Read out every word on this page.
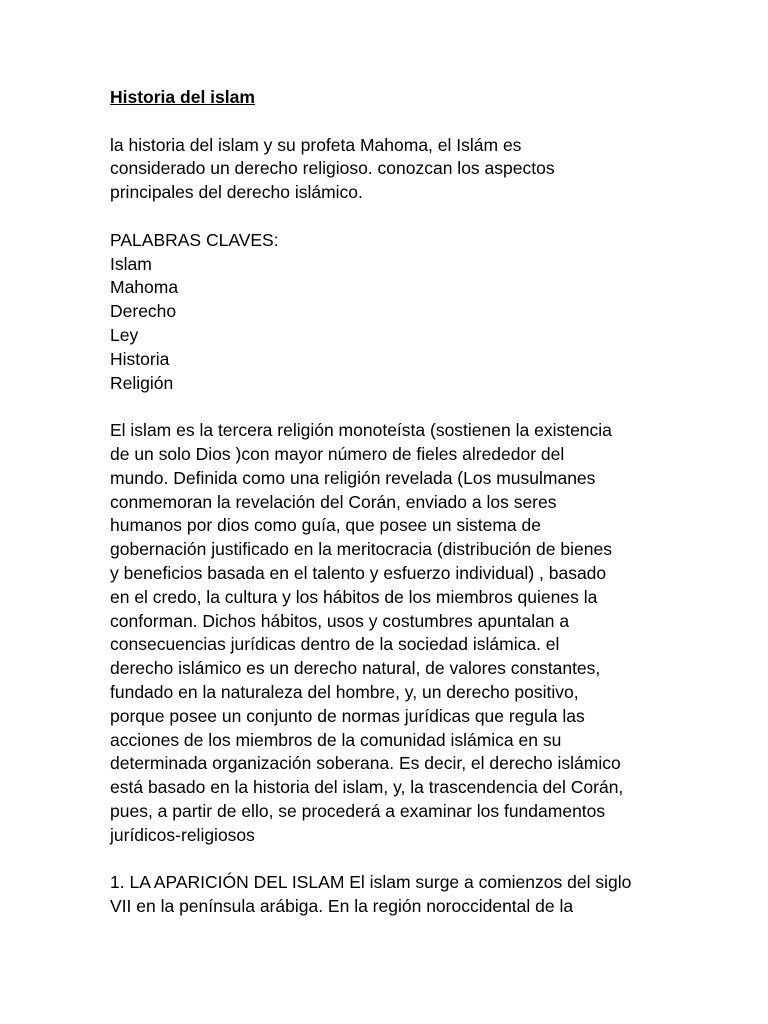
Historia del islam

la historia del islam y su profeta Mahoma, el Islám es
considerado un derecho religioso. conozcan los aspectos
principales del derecho islámico.

PALABRAS CLAVES:

Islam
Mahoma
Derecho
Ley
Historia
Religión

El islam es la tercera religión monoteísta (sostienen la existencia
de un solo Dios )con mayor número de fieles alrededor del
mundo. Definida como una religión revelada (Los musulmanes
conmemoran la revelación del Corán, enviado a los seres
humanos por dios como guía, que posee un sistema de
gobernación justificado en la meritocracia (distribución de bienes
y beneficios basada en el talento y esfuerzo individual) , basado
en el credo, la cultura y los hábitos de los miembros quienes la
conforman. Dichos hábitos, usos y costumbres apuntalan a
consecuencias jurídicas dentro de la sociedad islámica. el
derecho islámico es un derecho natural, de valores constantes,
fundado en la naturaleza del hombre, y, un derecho positivo,
porque posee un conjunto de normas jurídicas que regula las
acciones de los miembros de la comunidad islámica en su
determinada organización soberana. Es decir, el derecho islámico
está basado en la historia del islam, y, la trascendencia del Corán,
pues, a partir de ello, se procederá a examinar los fundamentos
jurídicos-religiosos

1. LA APARICIÓN DEL ISLAM El islam surge a comienzos del siglo
VII en la península arábiga. En la región noroccidental de la
